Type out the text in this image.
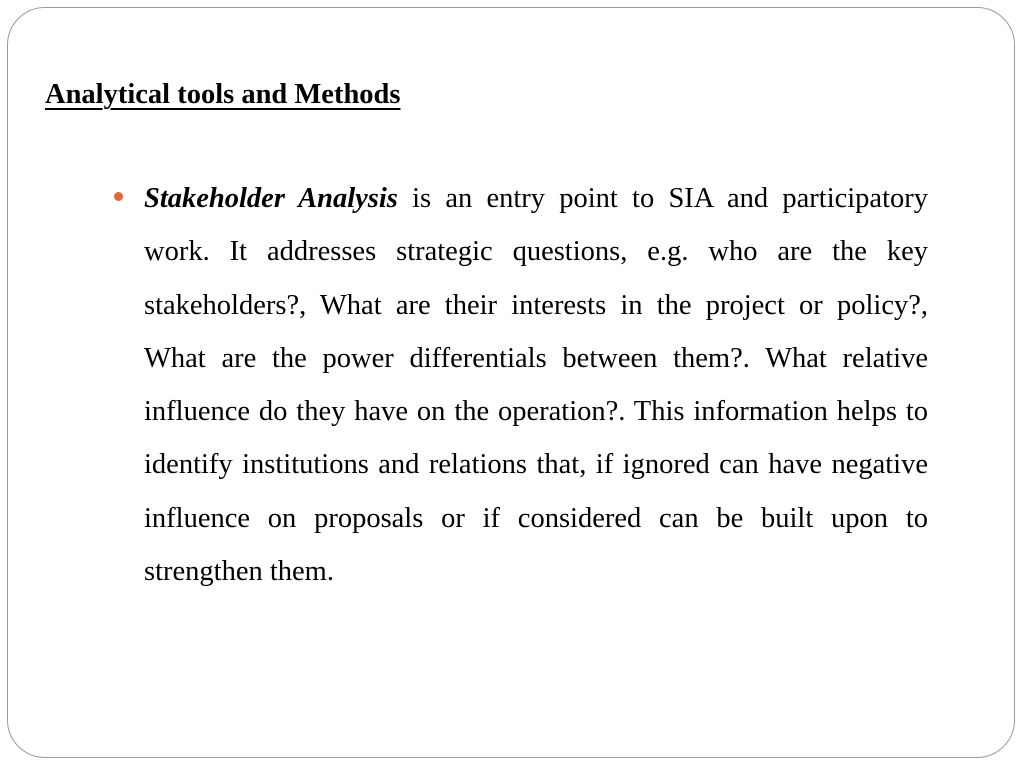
Analytical tools and Methods

Stakeholder Analysis is an entry point to SIA and participatory work. It addresses strategic questions, e.g. who are the key stakeholders?, What are their interests in the project or policy?, What are the power differentials between them?. What relative influence do they have on the operation?. This information helps to identify institutions and relations that, if ignored can have negative influence on proposals or if considered can be built upon to strengthen them.
